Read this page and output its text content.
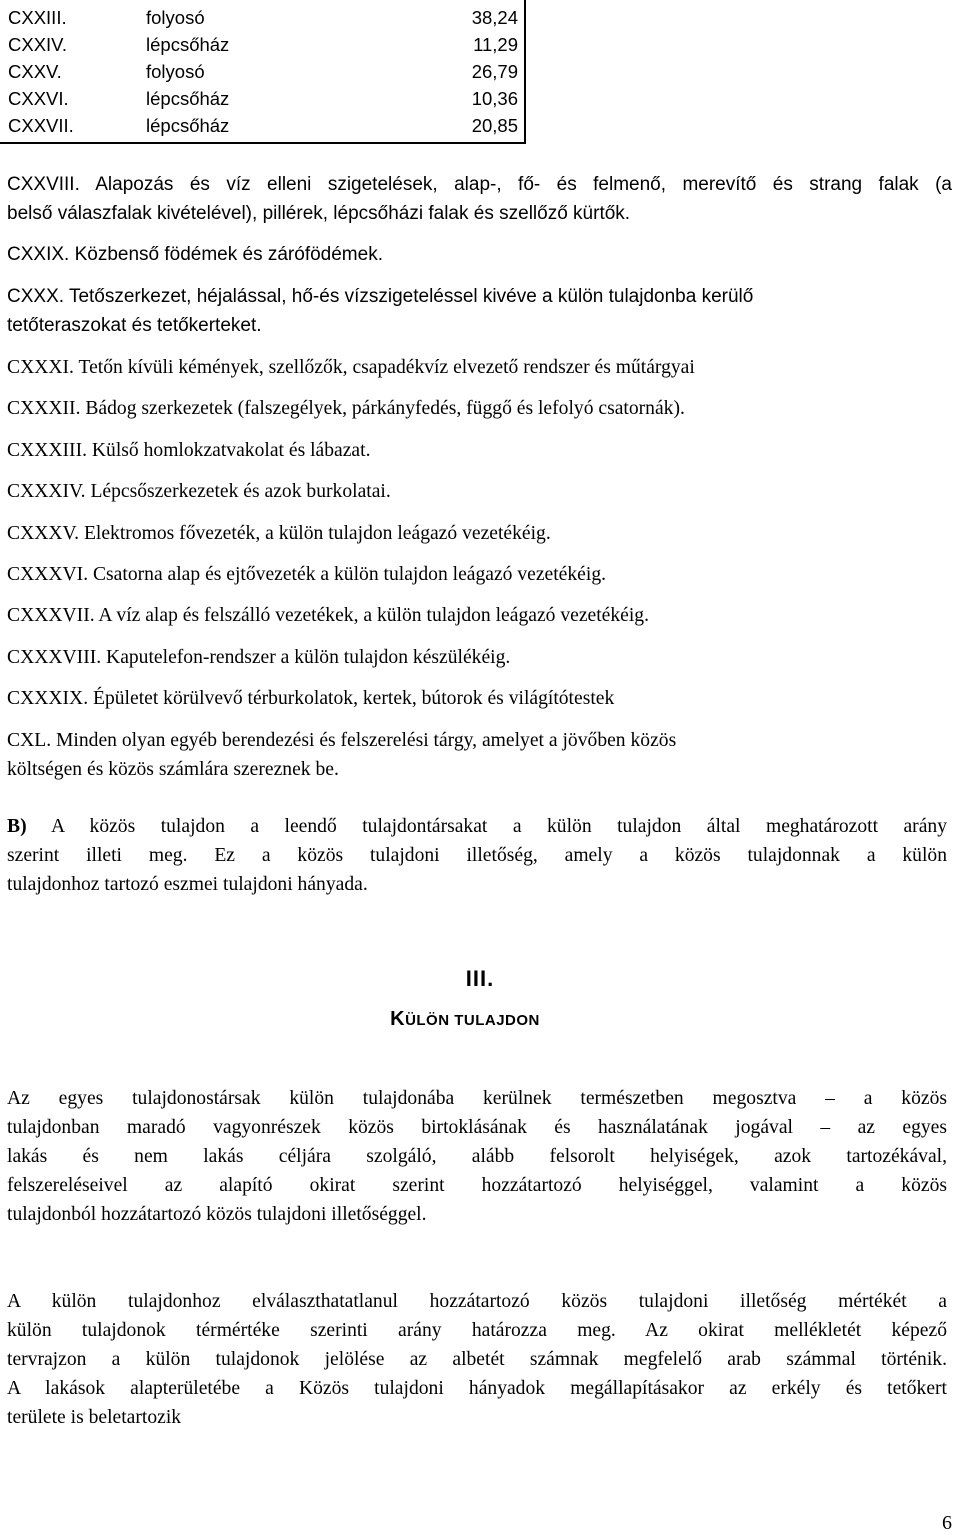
CXXIII.	folyosó	38,24
CXXIV.	lépcsőház	11,29
CXXV.	folyosó	26,79
CXXVI.	lépcsőház	10,36
CXXVII.	lépcsőház	20,85
CXXVIII. Alapozás és víz elleni szigetelések, alap-, fő- és felmenő, merevítő és strang falak (a
belső válaszfalak kivételével), pillérek, lépcsőházi falak és szellőző kürtők.
CXXIX. Közbenső födémek és zárófödémek.
CXXX. Tetőszerkezet, héjalással, hő-és vízszigeteléssel kivéve a külön tulajdonba kerülő
tetőteraszokat és tetőkerteket.
CXXXI. Tetőn kívüli kémények, szellőzők, csapadékvíz elvezető rendszer és műtárgyai
CXXXII. Bádog szerkezetek (falszegélyek, párkányfedés, függő és lefolyó csatornák).
CXXXIII. Külső homlokzatvakolat és lábazat.
CXXXIV. Lépcsőszerkezetek és azok burkolatai.
CXXXV. Elektromos fővezeték, a külön tulajdon leágazó vezetékéig.
CXXXVI. Csatorna alap és ejtővezeték a külön tulajdon leágazó vezetékéig.
CXXXVII. A víz alap és felszálló vezetékek, a külön tulajdon leágazó vezetékéig.
CXXXVIII. Kaputelefon-rendszer a külön tulajdon készülékéig.
CXXXIX. Épületet körülvevő térburkolatok, kertek, bútorok és világítótestek
CXL. Minden olyan egyéb berendezési és felszerelési tárgy, amelyet a jövőben közös
költségen és közös számlára szereznek be.
B) A közös tulajdon a leendő tulajdontársakat a külön tulajdon által meghatározott arány
szerint illeti meg. Ez a közös tulajdoni illetőség, amely a közös tulajdonnak a külön
tulajdonhoz tartozó eszmei tulajdoni hányada.
III.
KÜLÖN TULAJDON
Az egyes tulajdonostársak külön tulajdonába kerülnek természetben megosztva – a közös
tulajdonban maradó vagyonrészek közös birtoklásának és használatának jogával – az egyes
lakás és nem lakás céljára szolgáló, alább felsorolt helyiségek, azok tartozékával,
felszereléseivel az alapító okirat szerint hozzátartozó helyiséggel, valamint a közös
tulajdonból hozzátartozó közös tulajdoni illetőséggel.
A külön tulajdonhoz elválaszthatatlanul hozzátartozó közös tulajdoni illetőség mértékét a
külön tulajdonok térmértéke szerinti arány határozza meg. Az okirat mellékletét képező
tervrajzon a külön tulajdonok jelölése az albetét számnak megfelelő arab számmal történik.
A lakások alapterületébe a Közös tulajdoni hányadok megállapításakor az erkély és tetőkert
területe is beletartozik
6
